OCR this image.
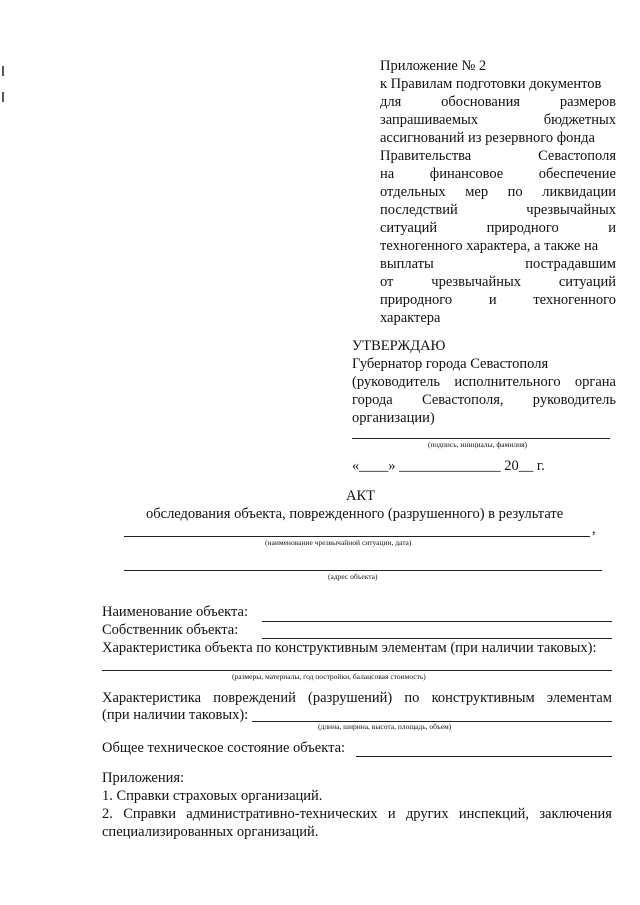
Приложение № 2
к Правилам подготовки документов
для	обоснования	размеров
запрашиваемых	бюджетных
ассигнований из резервного фонда
Правительства	Севастополя
на финансовое обеспечение
отдельных мер по ликвидации
последствий	чрезвычайных
ситуаций	природного	и
техногенного характера, а также на
выплаты	пострадавшим
от	чрезвычайных	ситуаций
природного	и	техногенного
характера
УТВЕРЖДАЮ
Губернатор города Севастополя
(руководитель исполнительного органа
города Севастополя, руководитель
организации)
(подпись, инициалы, фамилия)
«____» ______________ 20__ г.
АКТ
обследования объекта, поврежденного (разрушенного) в результате
,
(наименование чрезвычайной ситуации, дата)
(адрес объекта)
Наименование объекта:
Собственник объекта:
Характеристика объекта по конструктивным элементам (при наличии таковых):
(размеры, материалы, год постройки, балансовая стоимость)
Характеристика повреждений (разрушений) по конструктивным элементам
(при наличии таковых):
(длина, ширина, высота, площадь, объем)
Общее техническое состояние объекта:
Приложения:
1. Справки страховых организаций.
2. Справки административно-технических и других инспекций, заключения
специализированных организаций.
